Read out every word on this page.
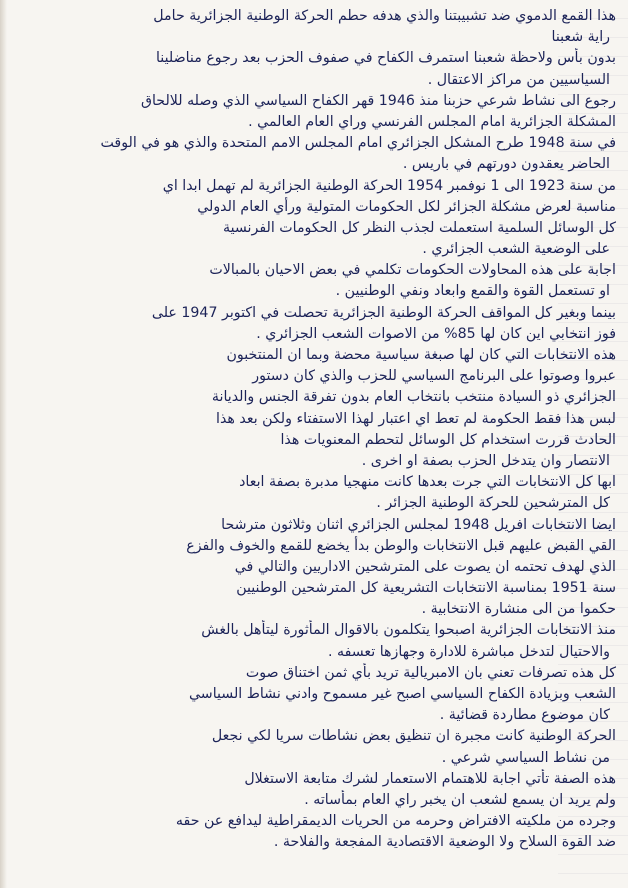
هذا القمع الدموي ضد تشبيبتنا والذي هدفه حطم الحركة الوطنية الجزائرية حامل
راية شعبنا
بدون بأس ولاحظة شعبنا استمرف الكفاح في صفوف الحزب بعد رجوع مناضلينا
السياسيين من مراكز الاعتقال .
رجوع الى نشاط شرعي حزبنا منذ 1946 قهر الكفاح السياسي الذي وصله للالحاق
المشكلة الجزائرية امام المجلس الفرنسي وراي العام العالمي .
في سنة 1948 طرح المشكل الجزائري امام المجلس الامم المتحدة والذي هو في الوقت
الحاضر يعقدون دورتهم في باريس .
من سنة 1923 الى 1 نوفمبر 1954 الحركة الوطنية الجزائرية لم تهمل ابدا اي
مناسبة لعرض مشكلة الجزائر لكل الحكومات المتولية ورأي العام الدولي
كل الوسائل السلمية استعملت لجذب النظر كل الحكومات الفرنسية
على الوضعية الشعب الجزائري .
اجابة على هذه المحاولات الحكومات تكلمي في بعض الاحيان بالمبالات
او تستعمل القوة والقمع وابعاد ونفي الوطنيين .
بينما وبغير كل المواقف الحركة الوطنية الجزائرية تحصلت في اكتوبر 1947 على
فوز انتخابي اين كان لها 85% من الاصوات الشعب الجزائري .
هذه الانتخابات التي كان لها صبغة سياسية محضة وبما ان المنتخبون
عبروا وصوتوا على البرنامج السياسي للحزب والذي كان دستور
الجزائري ذو السيادة منتخب بانتخاب العام بدون تفرقة الجنس والديانة
لبس هذا فقط الحكومة لم تعط اي اعتبار لهذا الاستفتاء ولكن بعد هذا
الحادث قررت استخدام كل الوسائل لتحطم المعنويات هذا
الانتصار وان يتدخل الحزب بصفة او اخرى .
ابها كل الانتخابات التي جرت بعدها كانت منهجيا مدبرة بصفة ابعاد
كل المترشحين للحركة الوطنية الجزائر .
ايضا الانتخابات افريل 1948 لمجلس الجزائري اثنان وثلاثون مترشحا
القي القبض عليهم قبل الانتخابات والوطن بدأ يخضع للقمع والخوف والفزع
الذي لهدف تحتمه ان يصوت على المترشحين الاداريين والتالي في
سنة 1951 بمناسبة الانتخابات التشريعية كل المترشحين الوطنيين
حكموا من الى منشارة الانتخابية .
منذ الانتخابات الجزائرية اصبحوا يتكلمون بالاقوال المأثورة ليتأهل بالغش
والاحتيال لتدخل مباشرة للادارة وجهازها تعسفه .
كل هذه تصرفات تعني بان الامبريالية تريد بأي ثمن اختناق صوت
الشعب وبزيادة الكفاح السياسي اصبح غير مسموح وادني نشاط السياسي
كان موضوع مطاردة قضائية .
الحركة الوطنية كانت مجبرة ان تنظيق بعض نشاطات سريا لكي نجعل
من نشاط السياسي شرعي .
هذه الصفة تأتي اجابة للاهتمام الاستعمار لشرك متابعة الاستغلال
ولم يريد ان يسمع لشعب ان يخبر راي العام بمأساته .
وجرده من ملكيته الافتراض وحرمه من الحريات الديمقراطية ليدافع عن حقه
ضد القوة السلاح ولا الوضعية الاقتصادية المفجعة والفلاحة .
